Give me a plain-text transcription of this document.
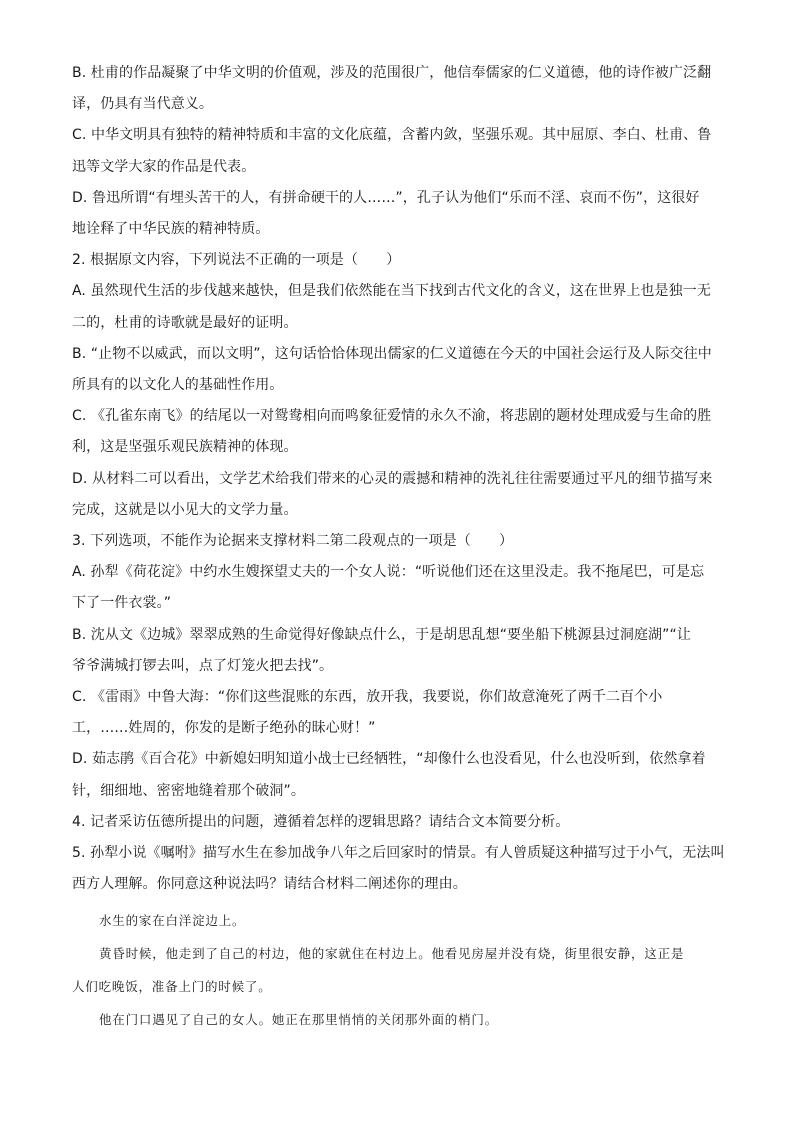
B. 杜甫的作品凝聚了中华文明的价值观，涉及的范围很广，他信奉儒家的仁义道德，他的诗作被广泛翻
译，仍具有当代意义。
C. 中华文明具有独特的精神特质和丰富的文化底蕴，含蓄内敛，坚强乐观。其中屈原、李白、杜甫、鲁
迅等文学大家的作品是代表。
D. 鲁迅所谓“有埋头苦干的人，有拼命硬干的人……”，孔子认为他们“乐而不淫、哀而不伤”，这很好
地诠释了中华民族的精神特质。
2. 根据原文内容，下列说法不正确的一项是（　　）
A. 虽然现代生活的步伐越来越快，但是我们依然能在当下找到古代文化的含义，这在世界上也是独一无
二的，杜甫的诗歌就是最好的证明。
B. “止物不以威武，而以文明”，这句话恰恰体现出儒家的仁义道德在今天的中国社会运行及人际交往中
所具有的以文化人的基础性作用。
C. 《孔雀东南飞》的结尾以一对鸳鸯相向而鸣象征爱情的永久不渝，将悲剧的题材处理成爱与生命的胜
利，这是坚强乐观民族精神的体现。
D. 从材料二可以看出，文学艺术给我们带来的心灵的震撼和精神的洗礼往往需要通过平凡的细节描写来
完成，这就是以小见大的文学力量。
3. 下列选项，不能作为论据来支撑材料二第二段观点的一项是（　　）
A. 孙犁《荷花淀》中约水生嫂探望丈夫的一个女人说：“听说他们还在这里没走。我不拖尾巴，可是忘
下了一件衣裳。”
B. 沈从文《边城》翠翠成熟的生命觉得好像缺点什么，于是胡思乱想“要坐船下桃源县过洞庭湖”“让
爷爷满城打锣去叫，点了灯笼火把去找”。
C. 《雷雨》中鲁大海：“你们这些混账的东西，放开我，我要说，你们故意淹死了两千二百个小
工，……姓周的，你发的是断子绝孙的昧心财！”
D. 茹志鹃《百合花》中新媳妇明知道小战士已经牺牲，“却像什么也没看见，什么也没听到，依然拿着
针，细细地、密密地缝着那个破洞”。
4. 记者采访伍德所提出的问题，遵循着怎样的逻辑思路？请结合文本简要分析。
5. 孙犁小说《嘱咐》描写水生在参加战争八年之后回家时的情景。有人曾质疑这种描写过于小气，无法叫
西方人理解。你同意这种说法吗？请结合材料二阐述你的理由。
水生的家在白洋淀边上。
黄昏时候，他走到了自己的村边，他的家就住在村边上。他看见房屋并没有烧，街里很安静，这正是
人们吃晚饭，准备上门的时候了。
他在门口遇见了自己的女人。她正在那里悄悄的关闭那外面的梢门。
